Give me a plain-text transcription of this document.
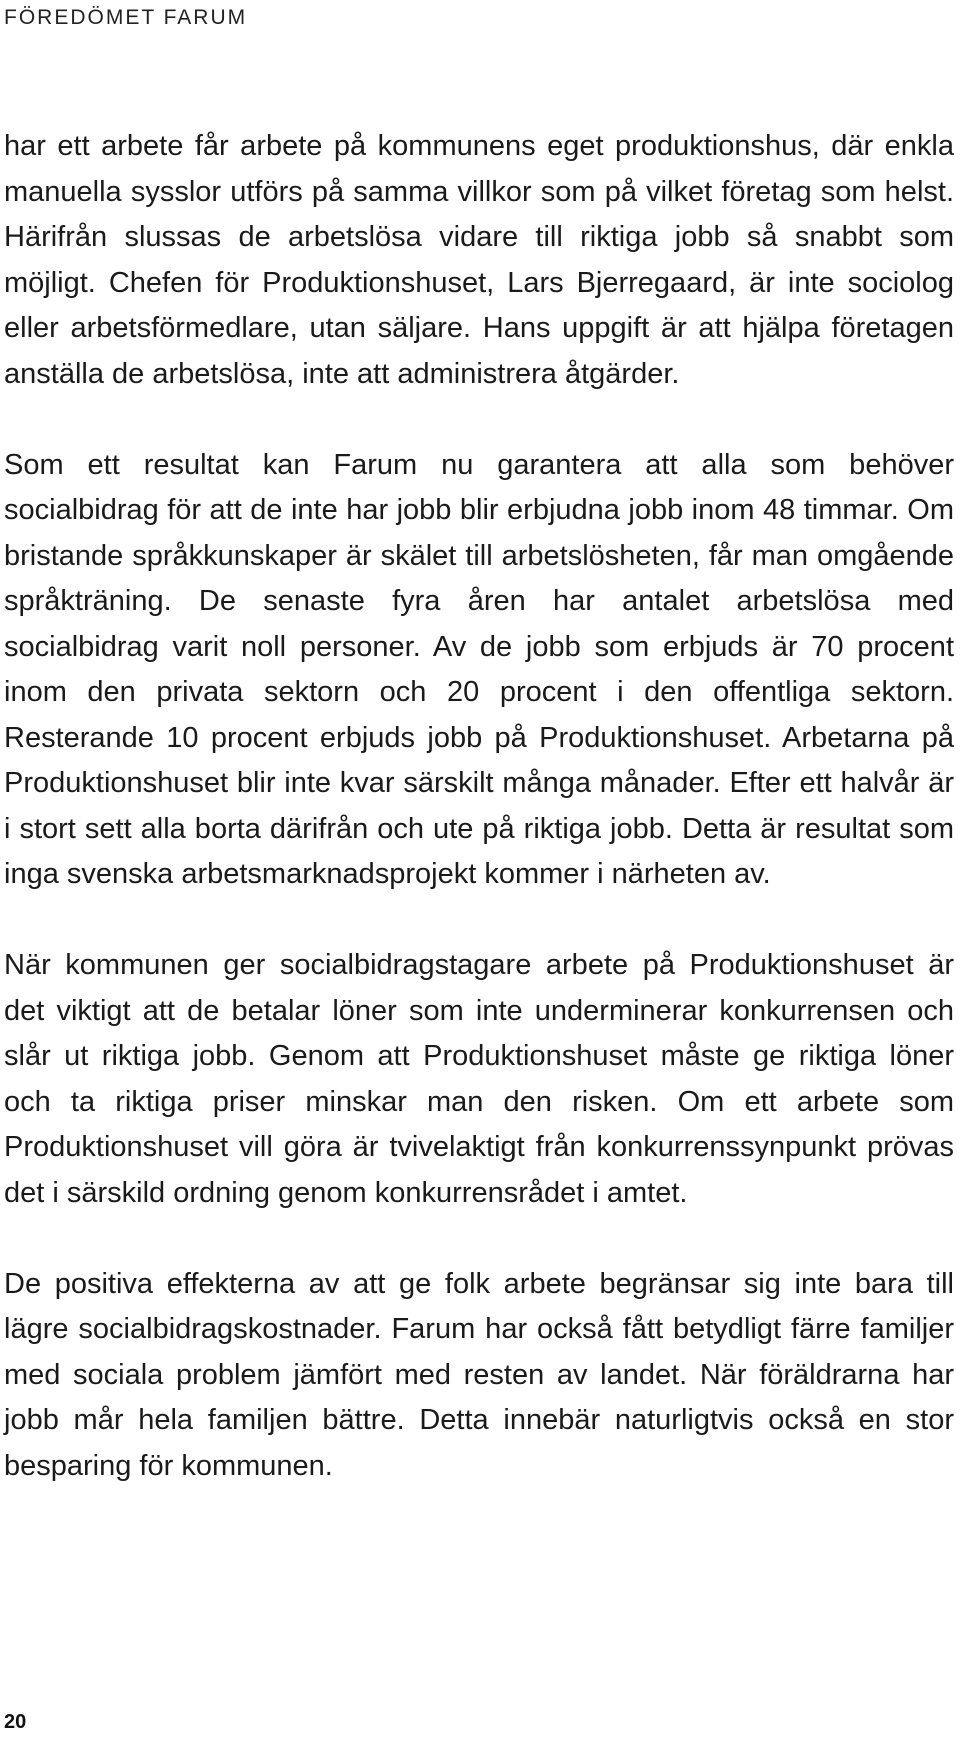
FÖREDÖMET FARUM

har ett arbete får arbete på kommunens eget produktionshus, där enkla manuella sysslor utförs på samma villkor som på vilket företag som helst. Härifrån slussas de arbetslösa vidare till riktiga jobb så snabbt som möjligt. Chefen för Produktionshuset, Lars Bjerregaard, är inte sociolog eller arbetsförmedlare, utan säljare. Hans uppgift är att hjälpa företagen anställa de arbetslösa, inte att administrera åtgärder.

Som ett resultat kan Farum nu garantera att alla som behöver socialbidrag för att de inte har jobb blir erbjudna jobb inom 48 timmar. Om bristande språkkunskaper är skälet till arbetslösheten, får man omgående språkträning. De senaste fyra åren har antalet arbetslösa med socialbidrag varit noll personer. Av de jobb som erbjuds är 70 procent inom den privata sektorn och 20 procent i den offentliga sektorn. Resterande 10 procent erbjuds jobb på Produktionshuset. Arbetarna på Produktionshuset blir inte kvar särskilt många månader. Efter ett halvår är i stort sett alla borta därifrån och ute på riktiga jobb. Detta är resultat som inga svenska arbetsmarknadsprojekt kommer i närheten av.

När kommunen ger socialbidragstagare arbete på Produktionshuset är det viktigt att de betalar löner som inte underminerar konkurrensen och slår ut riktiga jobb. Genom att Produktionshuset måste ge riktiga löner och ta riktiga priser minskar man den risken. Om ett arbete som Produktionshuset vill göra är tvivelaktigt från konkurrenssynpunkt prövas det i särskild ordning genom konkurrensrådet i amtet.

De positiva effekterna av att ge folk arbete begränsar sig inte bara till lägre socialbidragskostnader. Farum har också fått betydligt färre familjer med sociala problem jämfört med resten av landet. När föräldrarna har jobb mår hela familjen bättre. Detta innebär naturligtvis också en stor besparing för kommunen.

20
